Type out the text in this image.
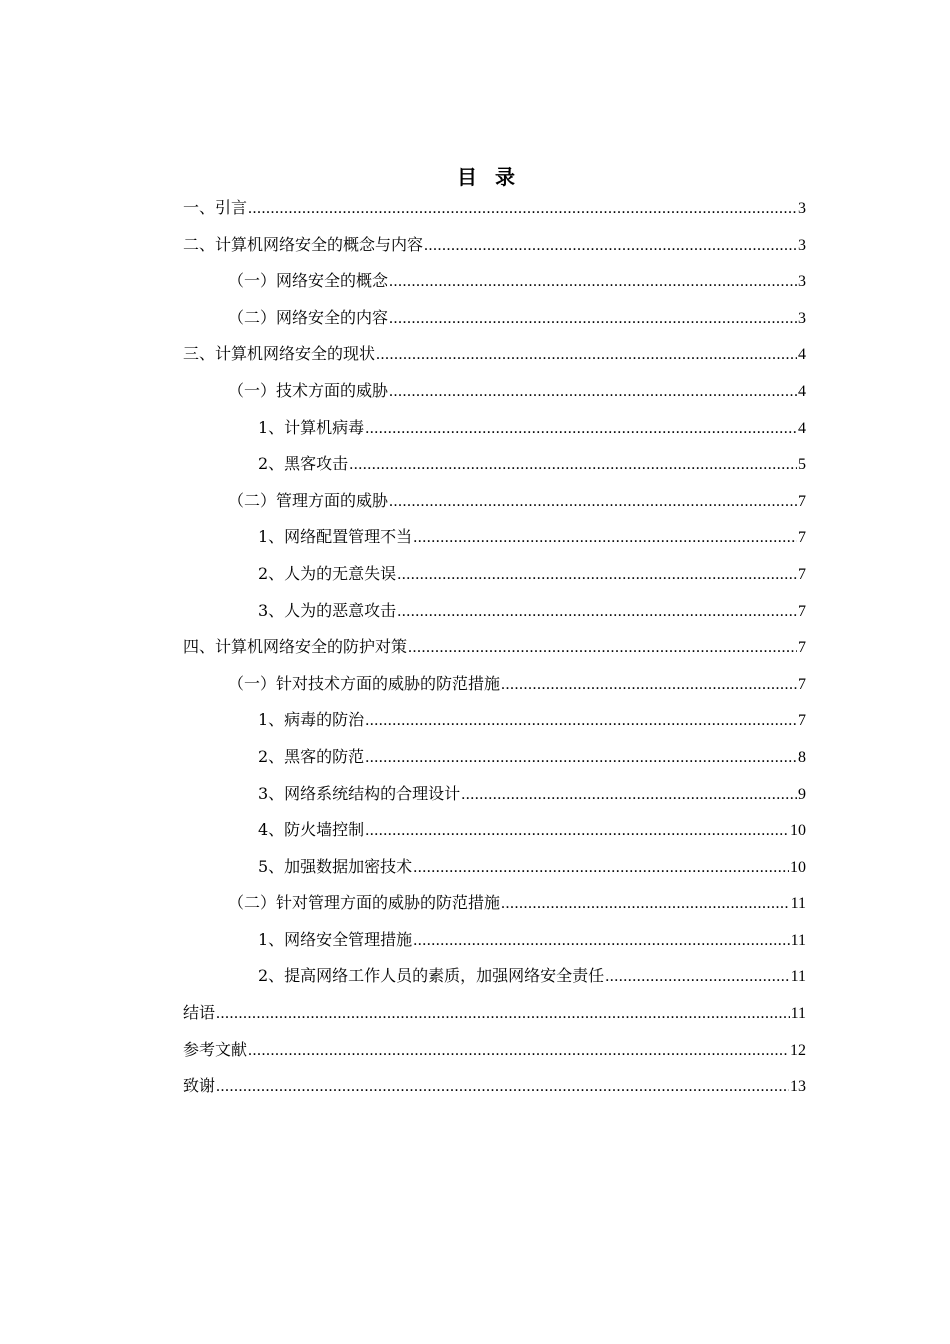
目录
一、引言 .....	3
二、计算机网络安全的概念与内容 .....	3
（一）网络安全的概念 .....	3
（二）网络安全的内容 .....	3
三、计算机网络安全的现状 .....	4
（一）技术方面的威胁 .....	4
1、计算机病毒 .....	4
2、黑客攻击 .....	5
（二）管理方面的威胁 .....	7
1、网络配置管理不当 .....	7
2、人为的无意失误 .....	7
3、人为的恶意攻击 .....	7
四、计算机网络安全的防护对策 .....	7
（一）针对技术方面的威胁的防范措施 .....	7
1、病毒的防治 .....	7
2、黑客的防范 .....	8
3、网络系统结构的合理设计 .....	9
4、防火墙控制 .....	10
5、加强数据加密技术 .....	10
（二）针对管理方面的威胁的防范措施 .....	11
1、网络安全管理措施 .....	11
2、提高网络工作人员的素质，加强网络安全责任 .....	11
结语 .....	11
参考文献 .....	12
致谢 .....	13
